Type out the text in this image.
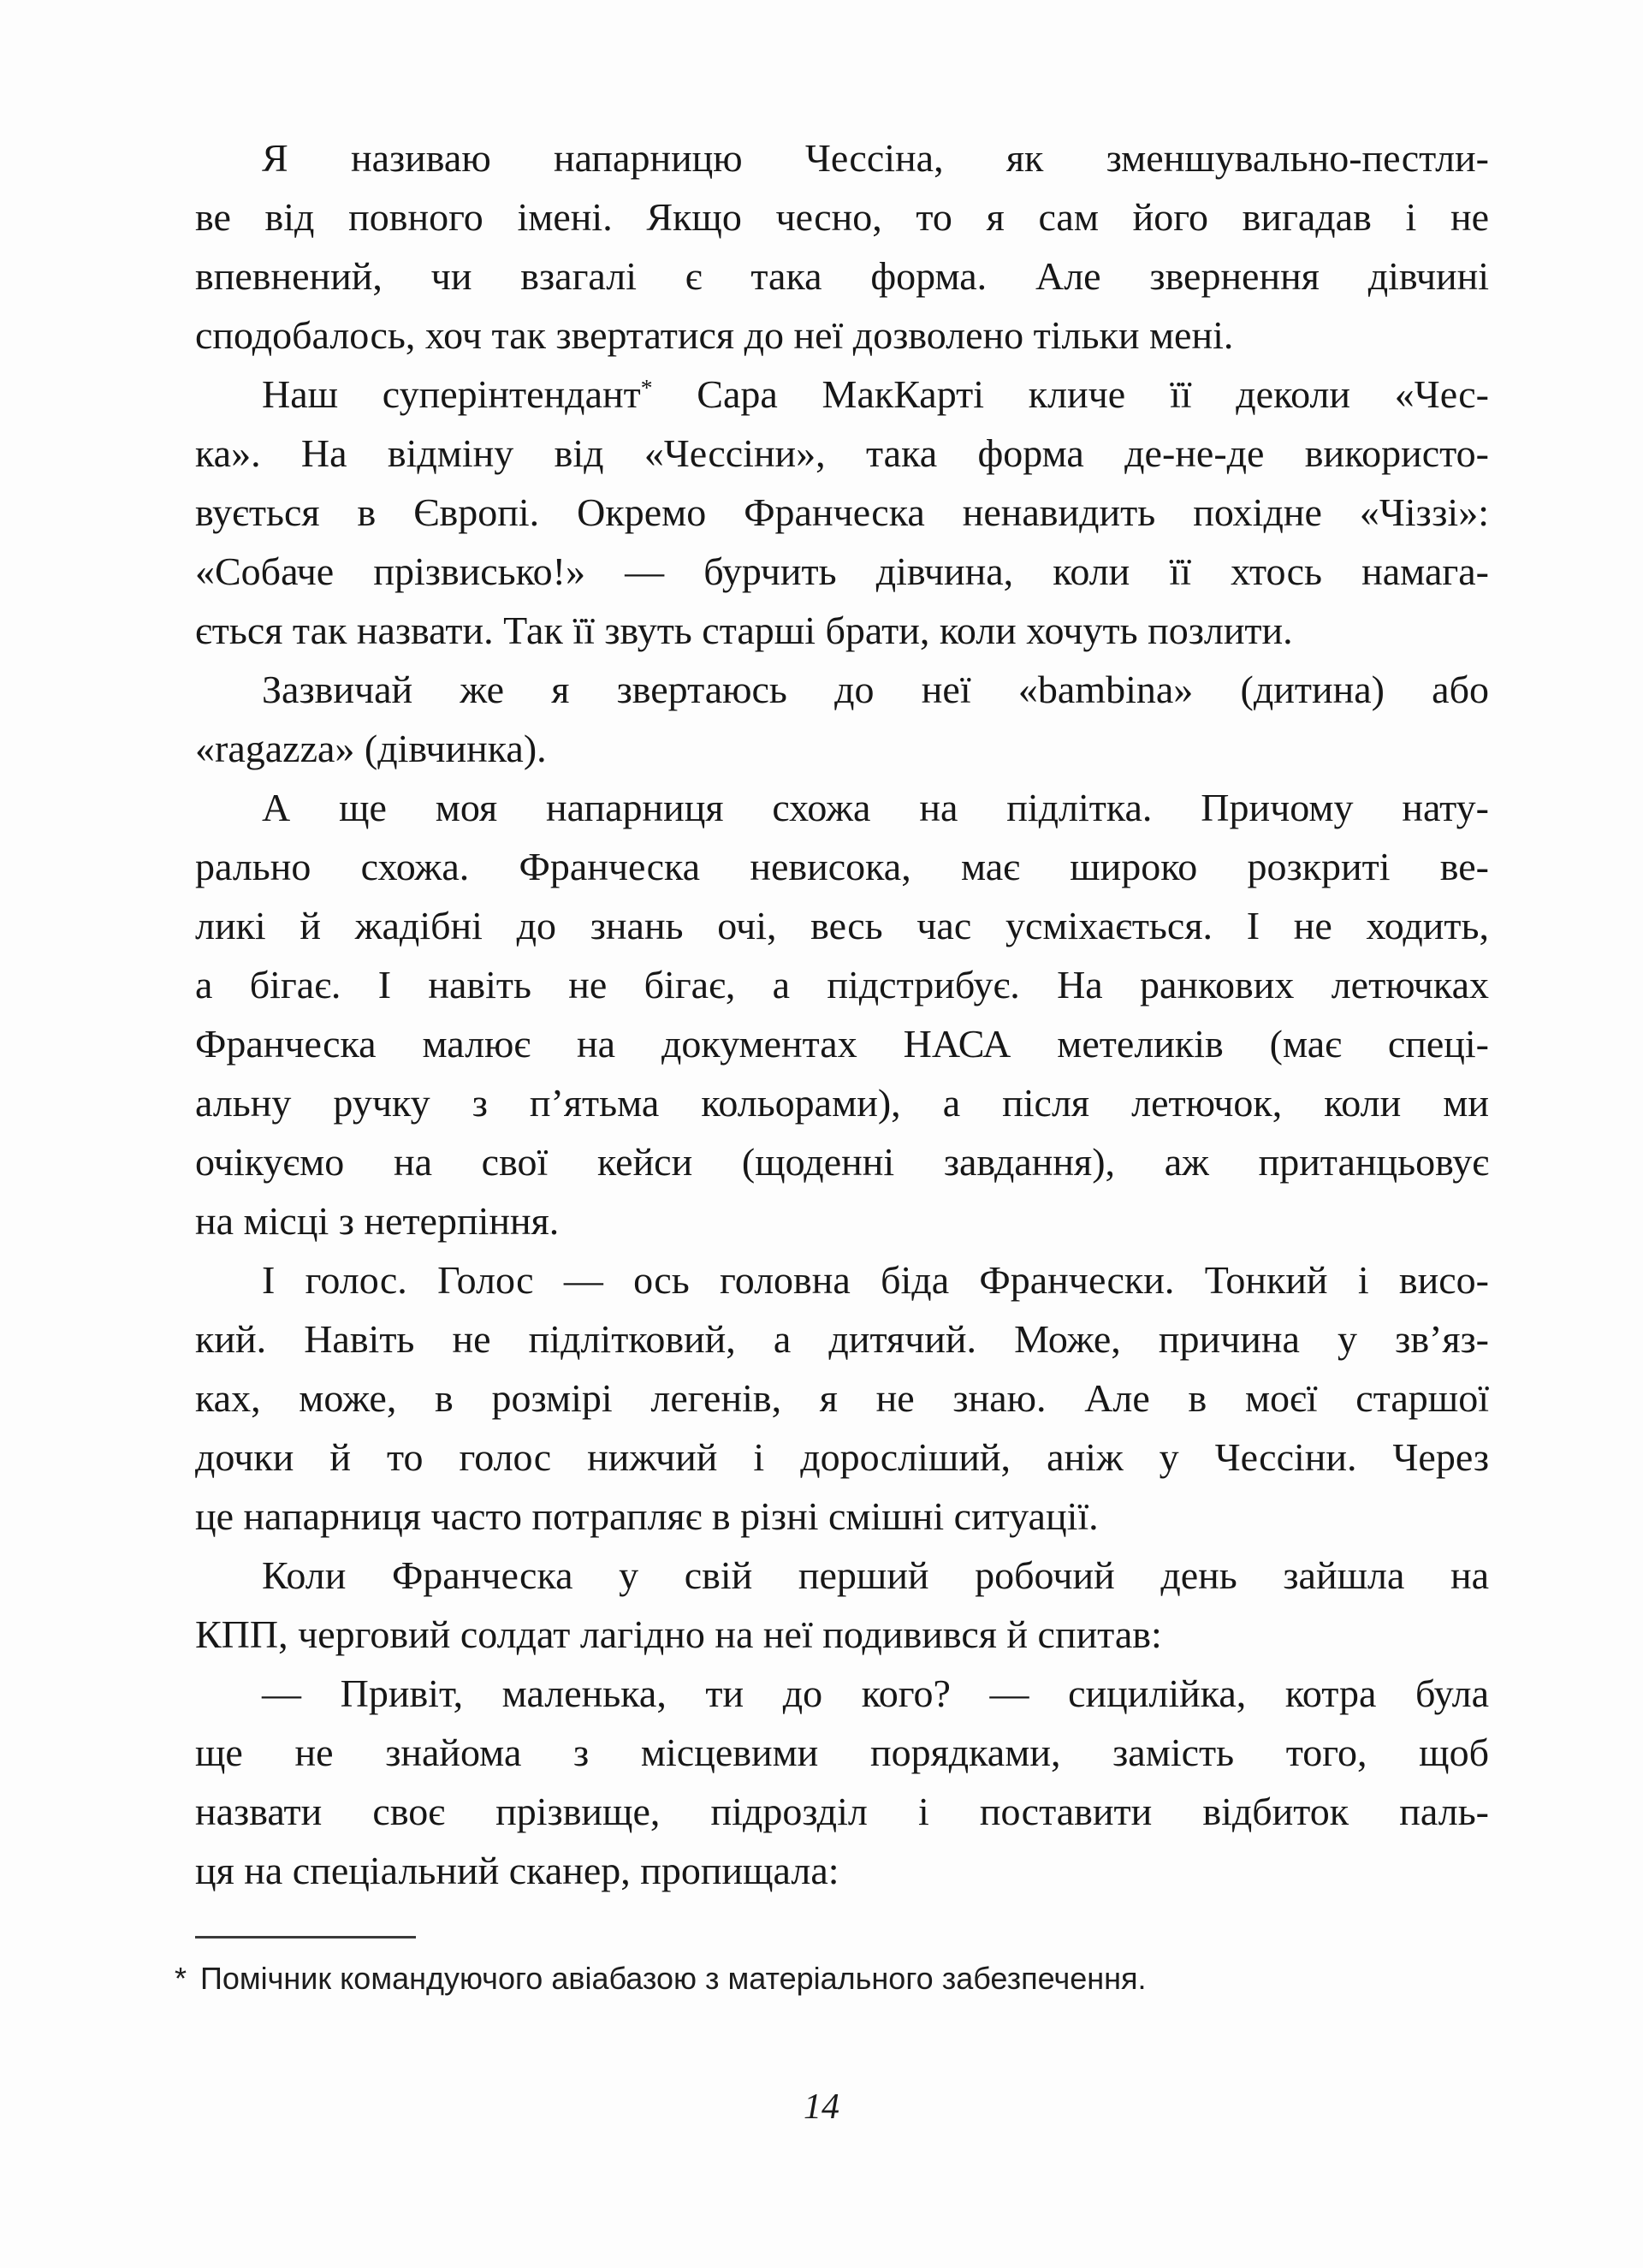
Я називаю напарницю Чессіна, як зменшувально-пестли-
ве від повного імені. Якщо чесно, то я сам його вигадав і не
впевнений, чи взагалі є така форма. Але звернення дівчині
сподобалось, хоч так звертатися до неї дозволено тільки мені.
Наш суперінтендант* Сара МакКарті кличе її деколи «Чес-
ка». На відміну від «Чессіни», така форма де-не-де використо-
вується в Європі. Окремо Франческа ненавидить похідне «Чіззі»:
«Собаче прізвисько!» — бурчить дівчина, коли її хтось намага-
ється так назвати. Так її звуть старші брати, коли хочуть позлити.
Зазвичай же я звертаюсь до неї «bambina» (дитина) або
«ragazza» (дівчинка).
А ще моя напарниця схожа на підлітка. Причому нату-
рально схожа. Франческа невисока, має широко розкриті ве-
ликі й жадібні до знань очі, весь час усміхається. І не ходить,
а бігає. І навіть не бігає, а підстрибує. На ранкових летючках
Франческа малює на документах НАСА метеликів (має спеці-
альну ручку з п’ятьма кольорами), а після летючок, коли ми
очікуємо на свої кейси (щоденні завдання), аж пританцьовує
на місці з нетерпіння.
І голос. Голос — ось головна біда Франчески. Тонкий і висо-
кий. Навіть не підлітковий, а дитячий. Може, причина у зв’яз-
ках, може, в розмірі легенів, я не знаю. Але в моєї старшої
дочки й то голос нижчий і доросліший, аніж у Чессіни. Через
це напарниця часто потрапляє в різні смішні ситуації.
Коли Франческа у свій перший робочий день зайшла на
КПП, черговий солдат лагідно на неї подивився й спитав:
— Привіт, маленька, ти до кого? — сицилійка, котра була
ще не знайома з місцевими порядками, замість того, щоб
назвати своє прізвище, підрозділ і поставити відбиток паль-
ця на спеціальний сканер, пропищала:
* Помічник командуючого авіабазою з матеріального забезпечення.
14
